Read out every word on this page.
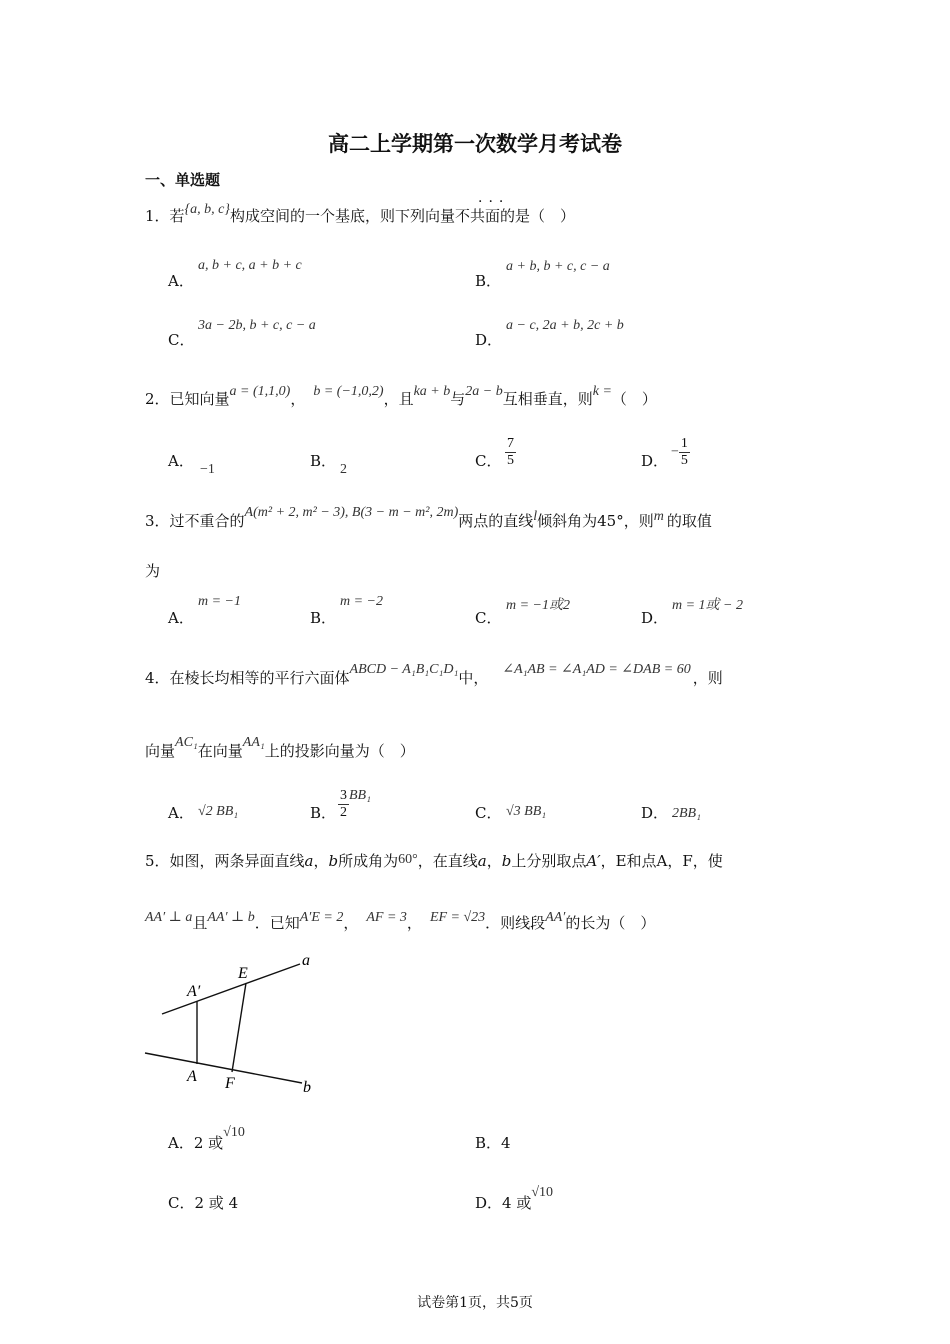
高二上学期第一次数学月考试卷
一、单选题
1．若{a, b, c}构成空间的一个基底，则下列向量不共面的是（　）
···
A．
a, b + c, a + b + c
B．
a + b, b + c, c − a
C．
3a − 2b, b + c, c − a
D．
a − c, 2a + b, 2c + b
2．已知向量a = (1,1,0)， b = (−1,0,2)，且ka + b与2a − b互相垂直，则k =（　）
A． −1	B． 2	C． $\frac{7}{5}$	D． − $\frac{1}{5}$
3．过不重合的A(m² + 2, m² − 3), B(3 − m − m², 2m)两点的直线l倾斜角为45°，则m 的取值
为
A．
m = −1
B．
m = −2
C．
m = −1或2
D．
m = 1或 − 2
4．在棱长均相等的平行六面体ABCD − A₁B₁C₁D₁中， ∠A₁AB = ∠A₁AD = ∠DAB = 60 ，则
向量AC₁在向量AA₁上的投影向量为（　）
A． √2 BB₁	B． $\frac{3}{2} BB_1$
C． √3 BB₁	D． 2BB₁
5．如图，两条异面直线a，b所成角为60°，在直线a，b上分别取点A′，E和点A，F，使
AA′ ⊥ a且AA′ ⊥ b．已知A′E = 2， AF = 3， EF = √23．则线段AA′的长为（　）
a
b
A′
E
A F
A．2 或√10
B．4
C．2 或 4	D．4 或√10
试卷第1页，共5页
